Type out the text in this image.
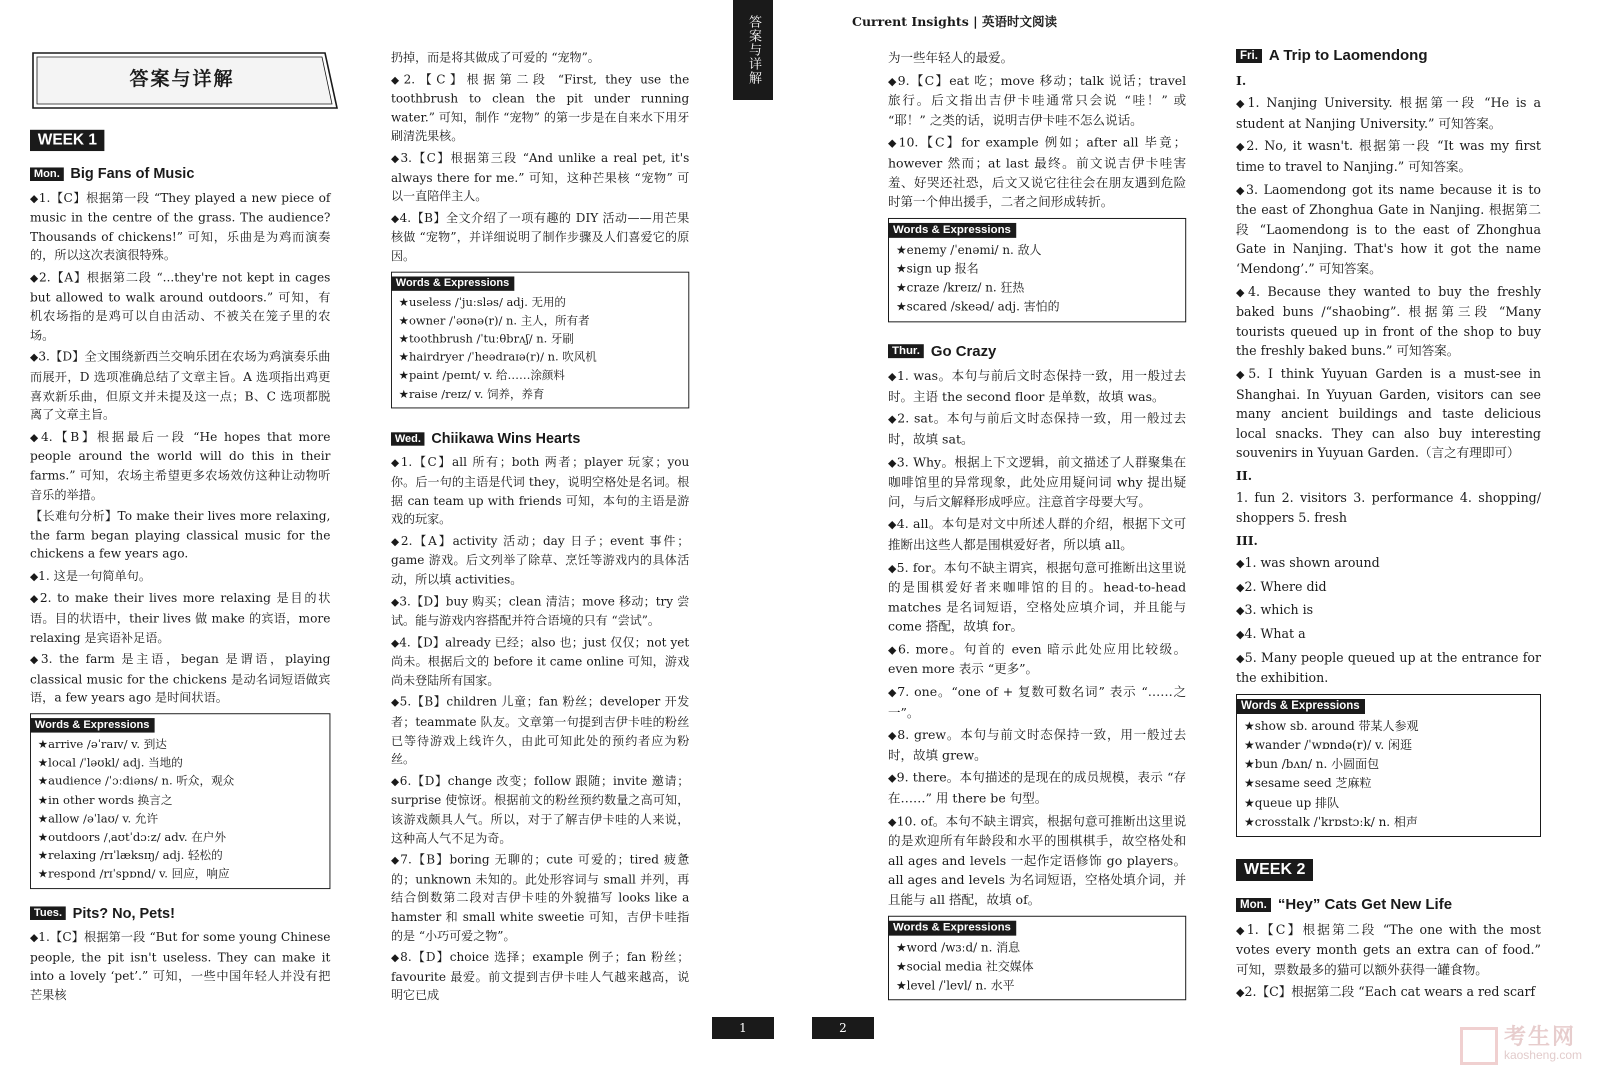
答案与详解
WEEK 1
Mon. Big Fans of Music

◆ 1.【C】根据第一段 “They played a new piece of music in the centre of the grass. The audience? Thousands of chickens!” 可知，乐曲是为鸡而演奏的，所以这次表演很特殊。

◆ 2.【A】根据第二段 “...they're not kept in cages but allowed to walk around outdoors.” 可知，有机农场指的是鸡可以自由活动、不被关在笼子里的农场。

◆ 3.【D】全文围绕新西兰交响乐团在农场为鸡演奏乐曲而展开，D 选项准确总结了文章主旨。A 选项指出鸡更喜欢新乐曲，但原文并未提及这一点；B、C 选项都脱离了文章主旨。

◆ 4.【B】根据最后一段 “He hopes that more people around the world will do this in their farms.” 可知，农场主希望更多农场效仿这种让动物听音乐的举措。

【长难句分析】To make their lives more relaxing, the farm began playing classical music for the chickens a few years ago.

◆ 1. 这是一句简单句。

◆ 2. to make their lives more relaxing 是目的状语。目的状语中，their lives 做 make 的宾语，more relaxing 是宾语补足语。

◆ 3. the farm 是主语，began 是谓语，playing classical music for the chickens 是动名词短语做宾语，a few years ago 是时间状语。

Words & Expressions
★ arrive /əˈraɪv/ v. 到达
★ local /ˈləʊkl/ adj. 当地的
★ audience /ˈɔːdiəns/ n. 听众，观众
★ in other words 换言之
★ allow /əˈlaʊ/ v. 允许
★ outdoors /ˌaʊtˈdɔːz/ adv. 在户外
★ relaxing /rɪˈlæksɪŋ/ adj. 轻松的
★ respond /rɪˈspɒnd/ v. 回应，响应
Tues. Pits? No, Pets!

◆ 1.【C】根据第一段 “But for some young Chinese people, the pit isn't useless. They can make it into a lovely ‘pet’.” 可知，一些中国年轻人并没有把芒果核

扔掉，而是将其做成了可爱的 “宠物”。

◆ 2.【C】根据第二段 “First, they use the toothbrush to clean the pit under running water.” 可知，制作 “宠物” 的第一步是在自来水下用牙刷清洗果核。

◆ 3.【C】根据第三段 “And unlike a real pet, it's always there for me.” 可知，这种芒果核 “宠物” 可以一直陪伴主人。

◆ 4.【B】全文介绍了一项有趣的 DIY 活动——用芒果核做 “宠物”，并详细说明了制作步骤及人们喜爱它的原因。

Words & Expressions
★ useless /ˈjuːsləs/ adj. 无用的
★ owner /ˈəʊnə(r)/ n. 主人，所有者
★ toothbrush /ˈtuːθbrʌʃ/ n. 牙刷
★ hairdryer /ˈheədraɪə(r)/ n. 吹风机
★ paint /peɪnt/ v. 给……涂颜料
★ raise /reɪz/ v. 饲养，养育
Wed. Chiikawa Wins Hearts

◆ 1.【C】all 所有；both 两者；player 玩家；you 你。后一句的主语是代词 they，说明空格处是名词。根据 can team up with friends 可知，本句的主语是游戏的玩家。

◆ 2.【A】activity 活动；day 日子；event 事件；game 游戏。后文列举了除草、烹饪等游戏内的具体活动，所以填 activities。

◆ 3.【D】buy 购买；clean 清洁；move 移动；try 尝试。能与游戏内容搭配并符合语境的只有 “尝试”。

◆ 4.【D】already 已经；also 也；just 仅仅；not yet 尚未。根据后文的 before it came online 可知，游戏尚未登陆所有国家。

◆ 5.【B】children 儿童；fan 粉丝；developer 开发者；teammate 队友。文章第一句提到吉伊卡哇的粉丝已等待游戏上线许久，由此可知此处的预约者应为粉丝。

◆ 6.【D】change 改变；follow 跟随；invite 邀请；surprise 使惊讶。根据前文的粉丝预约数量之高可知，该游戏颇具人气。所以，对于了解吉伊卡哇的人来说，这种高人气不足为奇。

◆ 7.【B】boring 无聊的；cute 可爱的；tired 疲惫的；unknown 未知的。此处形容词与 small 并列，再结合倒数第二段对吉伊卡哇的外貌描写 looks like a hamster 和 small white sweetie 可知，吉伊卡哇指的是 “小巧可爱之物”。

◆ 8.【D】choice 选择；example 例子；fan 粉丝；favourite 最爱。前文提到吉伊卡哇人气越来越高，说明它已成

答案与详解
1
Current Insights | 英语时文阅读

为一些年轻人的最爱。

◆ 9.【C】eat 吃；move 移动；talk 说话；travel 旅行。后文指出吉伊卡哇通常只会说 “哇！” 或 “耶！” 之类的话，说明吉伊卡哇不怎么说话。

◆ 10.【C】for example 例如；after all 毕竟；however 然而；at last 最终。前文说吉伊卡哇害羞、好哭还社恐，后文又说它往往会在朋友遇到危险时第一个伸出援手，二者之间形成转折。

Words & Expressions
★ enemy /ˈenəmi/ n. 敌人
★ sign up 报名
★ craze /kreɪz/ n. 狂热
★ scared /skeəd/ adj. 害怕的
Thur. Go Crazy

◆ 1. was。本句与前后文时态保持一致，用一般过去时。主语 the second floor 是单数，故填 was。

◆ 2. sat。本句与前后文时态保持一致，用一般过去时，故填 sat。

◆ 3. Why。根据上下文逻辑，前文描述了人群聚集在咖啡馆里的异常现象，此处应用疑问词 why 提出疑问，与后文解释形成呼应。注意首字母要大写。

◆ 4. all。本句是对文中所述人群的介绍，根据下文可推断出这些人都是围棋爱好者，所以填 all。

◆ 5. for。本句不缺主谓宾，根据句意可推断出这里说的是围棋爱好者来咖啡馆的目的。head-to-head matches 是名词短语，空格处应填介词，并且能与 come 搭配，故填 for。

◆ 6. more。句首的 even 暗示此处应用比较级。even more 表示 “更多”。

◆ 7. one。“one of + 复数可数名词” 表示 “……之一”。

◆ 8. grew。本句与前文时态保持一致，用一般过去时，故填 grew。

◆ 9. there。本句描述的是现在的成员规模，表示 “存在……” 用 there be 句型。

◆ 10. of。本句不缺主谓宾，根据句意可推断出这里说的是欢迎所有年龄段和水平的围棋棋手，故空格处和 all ages and levels 一起作定语修饰 go players。all ages and levels 为名词短语，空格处填介词，并且能与 all 搭配，故填 of。

Words & Expressions
★ word /wɜːd/ n. 消息
★ social media 社交媒体
★ level /ˈlevl/ n. 水平
Fri. A Trip to Laomendong
I.

◆ 1. Nanjing University. 根据第一段 “He is a student at Nanjing University.” 可知答案。

◆ 2. No, it wasn't. 根据第一段 “It was my first time to travel to Nanjing.” 可知答案。

◆ 3. Laomendong got its name because it is to the east of Zhonghua Gate in Nanjing. 根据第二段 “Laomendong is to the east of Zhonghua Gate in Nanjing. That's how it got the name ‘Mendong’.” 可知答案。

◆ 4. Because they wanted to buy the freshly baked buns /“shaobing”. 根据第三段 “Many tourists queued up in front of the shop to buy the freshly baked buns.” 可知答案。

◆ 5. I think Yuyuan Garden is a must-see in Shanghai. In Yuyuan Garden, visitors can see many ancient buildings and taste delicious local snacks. They can also buy interesting souvenirs in Yuyuan Garden.（言之有理即可）

II.

1. fun 2. visitors 3. performance 4. shopping/ shoppers 5. fresh

III.

◆ 1. was shown around

◆ 2. Where did

◆ 3. which is

◆ 4. What a

◆ 5. Many people queued up at the entrance for the exhibition.

Words & Expressions
★ show sb. around 带某人参观
★ wander /ˈwɒndə(r)/ v. 闲逛
★ bun /bʌn/ n. 小圆面包
★ sesame seed 芝麻粒
★ queue up 排队
★ crosstalk /ˈkrɒstɔːk/ n. 相声
WEEK 2
Mon. “Hey” Cats Get New Life

◆ 1.【C】根据第二段 “The one with the most votes every month gets an extra can of food.” 可知，票数最多的猫可以额外获得一罐食物。

◆ 2.【C】根据第二段 “Each cat wears a red scarf

2	考生网
kaosheng.com
